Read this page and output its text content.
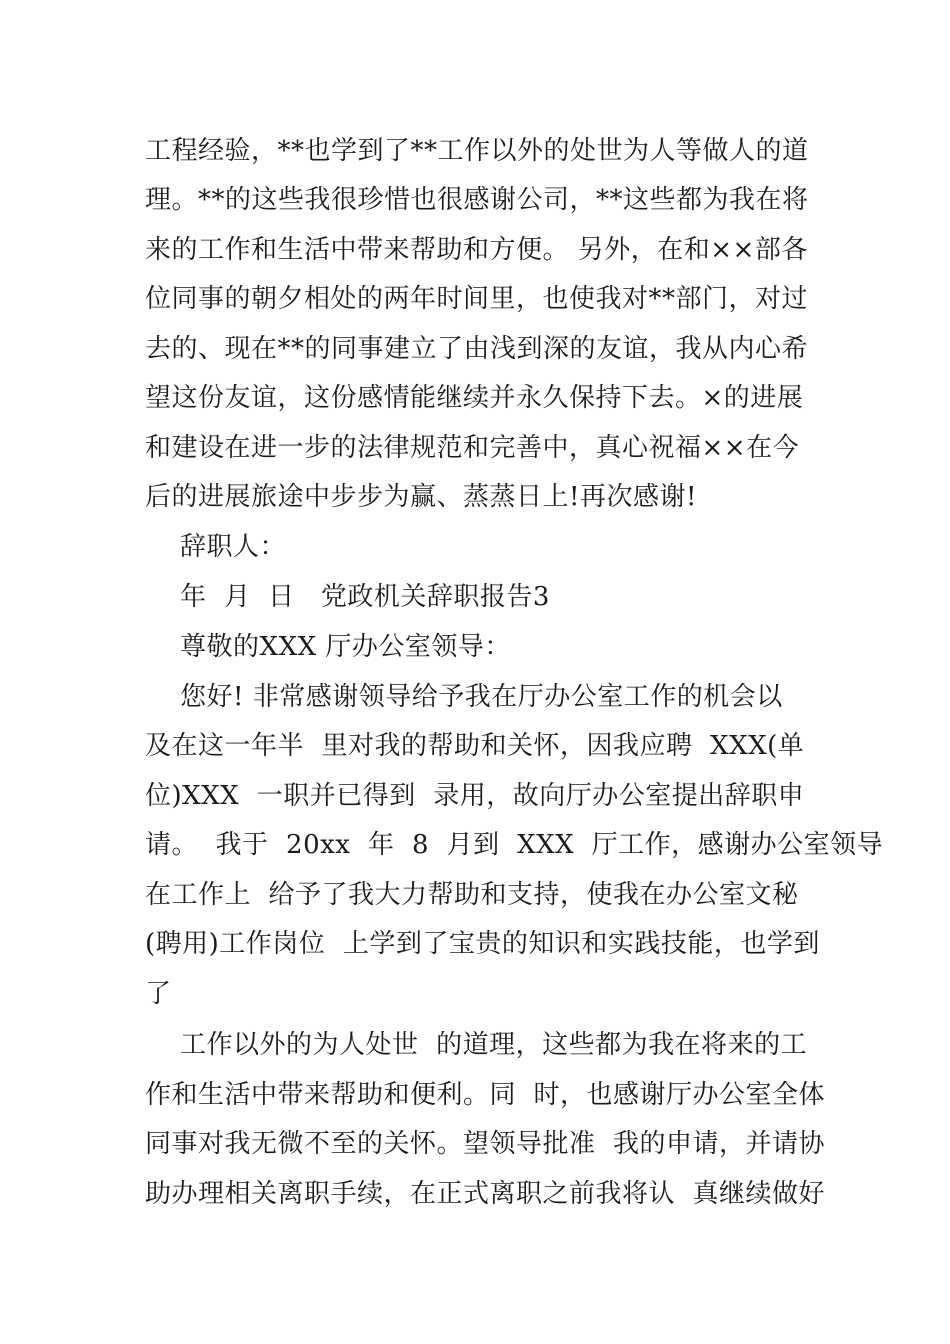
工程经验，**也学到了**工作以外的处世为人等做人的道
理。**的这些我很珍惜也很感谢公司，**这些都为我在将
来的工作和生活中带来帮助和方便。 另外，在和××部各
位同事的朝夕相处的两年时间里，也使我对**部门，对过
去的、现在**的同事建立了由浅到深的友谊，我从内心希
望这份友谊，这份感情能继续并永久保持下去。×的进展
和建设在进一步的法律规范和完善中，真心祝福××在今
后的进展旅途中步步为赢、蒸蒸日上!再次感谢!
辞职人：
年  月  日   党政机关辞职报告3
尊敬的XXX 厅办公室领导：
您好! 非常感谢领导给予我在厅办公室工作的机会以
及在这一年半  里对我的帮助和关怀，因我应聘  XXX(单
位)XXX  一职并已得到  录用，故向厅办公室提出辞职申
请。  我于  20xx  年  8  月到  XXX  厅工作，感谢办公室领导
在工作上  给予了我大力帮助和支持，使我在办公室文秘
(聘用)工作岗位  上学到了宝贵的知识和实践技能，也学到
了
工作以外的为人处世  的道理，这些都为我在将来的工
作和生活中带来帮助和便利。同  时，也感谢厅办公室全体
同事对我无微不至的关怀。望领导批准  我的申请，并请协
助办理相关离职手续，在正式离职之前我将认  真继续做好
